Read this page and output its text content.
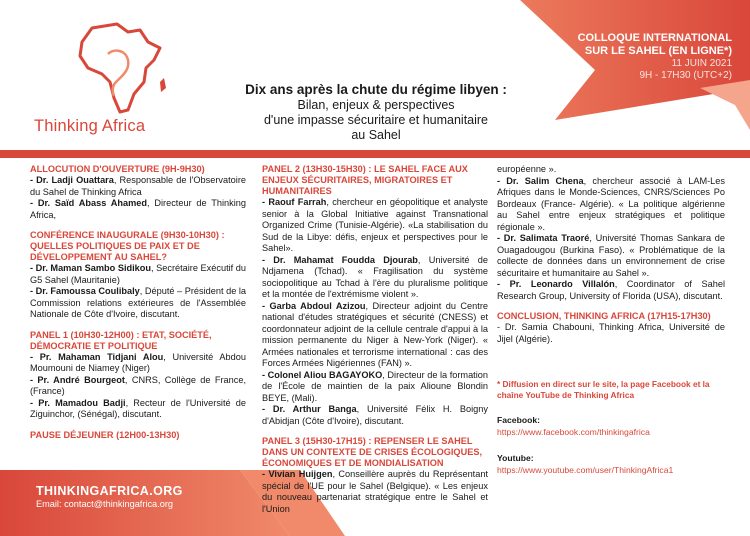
Thinking Africa
COLLOQUE INTERNATIONAL
SUR LE SAHEL (EN LIGNE*)
11 JUIN 2021
9H - 17H30 (UTC+2)
Dix ans après la chute du régime libyen :
Bilan, enjeux & perspectives
d'une impasse sécuritaire et humanitaire
au Sahel
ALLOCUTION D'OUVERTURE (9H-9H30)

- Dr. Ladji Ouattara, Responsable de l'Observatoire du Sahel de Thinking Africa

- Dr. Saïd Abass Ahamed, Directeur de Thinking Africa,

CONFÉRENCE INAUGURALE (9H30-10H30) : QUELLES POLITIQUES DE PAIX ET DE DÉVELOPPEMENT AU SAHEL?

- Dr. Maman Sambo Sidikou, Secrétaire Exécutif du G5 Sahel (Mauritanie)

- Dr. Famoussa Coulibaly, Député – Président de la Commission relations extérieures de l'Assemblée Nationale de Côte d'Ivoire, discutant.

PANEL 1 (10H30-12H00) : ETAT, SOCIÉTÉ, DÉMOCRATIE ET POLITIQUE

- Pr. Mahaman Tidjani Alou, Université Abdou Moumouni de Niamey (Niger)

- Pr. André Bourgeot, CNRS, Collège de France, (France)

- Pr. Mamadou Badji, Recteur de l'Université de Ziguinchor, (Sénégal), discutant.

PAUSE DÉJEUNER (12H00-13H30)
PANEL 2 (13H30-15H30) : LE SAHEL FACE AUX ENJEUX SÉCURITAIRES, MIGRATOIRES ET HUMANITAIRES

- Raouf Farrah, chercheur en géopolitique et analyste senior à la Global Initiative against Transnational Organized Crime (Tunisie-Algérie). «La stabilisation du Sud de la Libye: défis, enjeux et perspectives pour le Sahel».

- Dr. Mahamat Foudda Djourab, Université de Ndjamena (Tchad). « Fragilisation du système sociopolitique au Tchad à l'ère du pluralisme politique et la montée de l'extrémisme violent ».

- Garba Abdoul Azizou, Directeur adjoint du Centre national d'études stratégiques et sécurité (CNESS) et coordonnateur adjoint de la cellule centrale d'appui à la mission permanente du Niger à New-York (Niger). « Armées nationales et terrorisme international : cas des Forces Armées Nigériennes (FAN) ».

- Colonel Aliou BAGAYOKO, Directeur de la formation de l'École de maintien de la paix Alioune Blondin BEYE, (Mali).

- Dr. Arthur Banga, Université Félix H. Boigny d'Abidjan (Côte d'Ivoire), discutant.

PANEL 3 (15H30-17H15) : REPENSER LE SAHEL DANS UN CONTEXTE DE CRISES ÉCOLOGIQUES, ÉCONOMIQUES ET DE MONDIALISATION

- Vivian Huijgen, Conseillère auprès du Représentant spécial de l'UE pour le Sahel (Belgique). « Les enjeux du nouveau partenariat stratégique entre le Sahel et l'Union

européenne ».

- Dr. Salim Chena, chercheur associé à LAM-Les Afriques dans le Monde-Sciences, CNRS/Sciences Po Bordeaux (France- Algérie). « La politique algérienne au Sahel entre enjeux stratégiques et politique régionale ».

- Dr. Salimata Traoré, Université Thomas Sankara de Ouagadougou (Burkina Faso). « Problématique de la collecte de données dans un environnement de crise sécuritaire et humanitaire au Sahel ».

- Pr. Leonardo Villalón, Coordinator of Sahel Research Group, University of Florida (USA), discutant.

CONCLUSION, THINKING AFRICA (17H15-17H30)

- Dr. Samia Chabouni, Thinking Africa, Université de Jijel (Algérie).

* Diffusion en direct sur le site, la page Facebook et la chaîne YouTube de Thinking Africa
Facebook:
https://www.facebook.com/thinkingafrica
Youtube:
https://www.youtube.com/user/ThinkingAfrica1
THINKINGAFRICA.ORG
Email: contact@thinkingafrica.org
